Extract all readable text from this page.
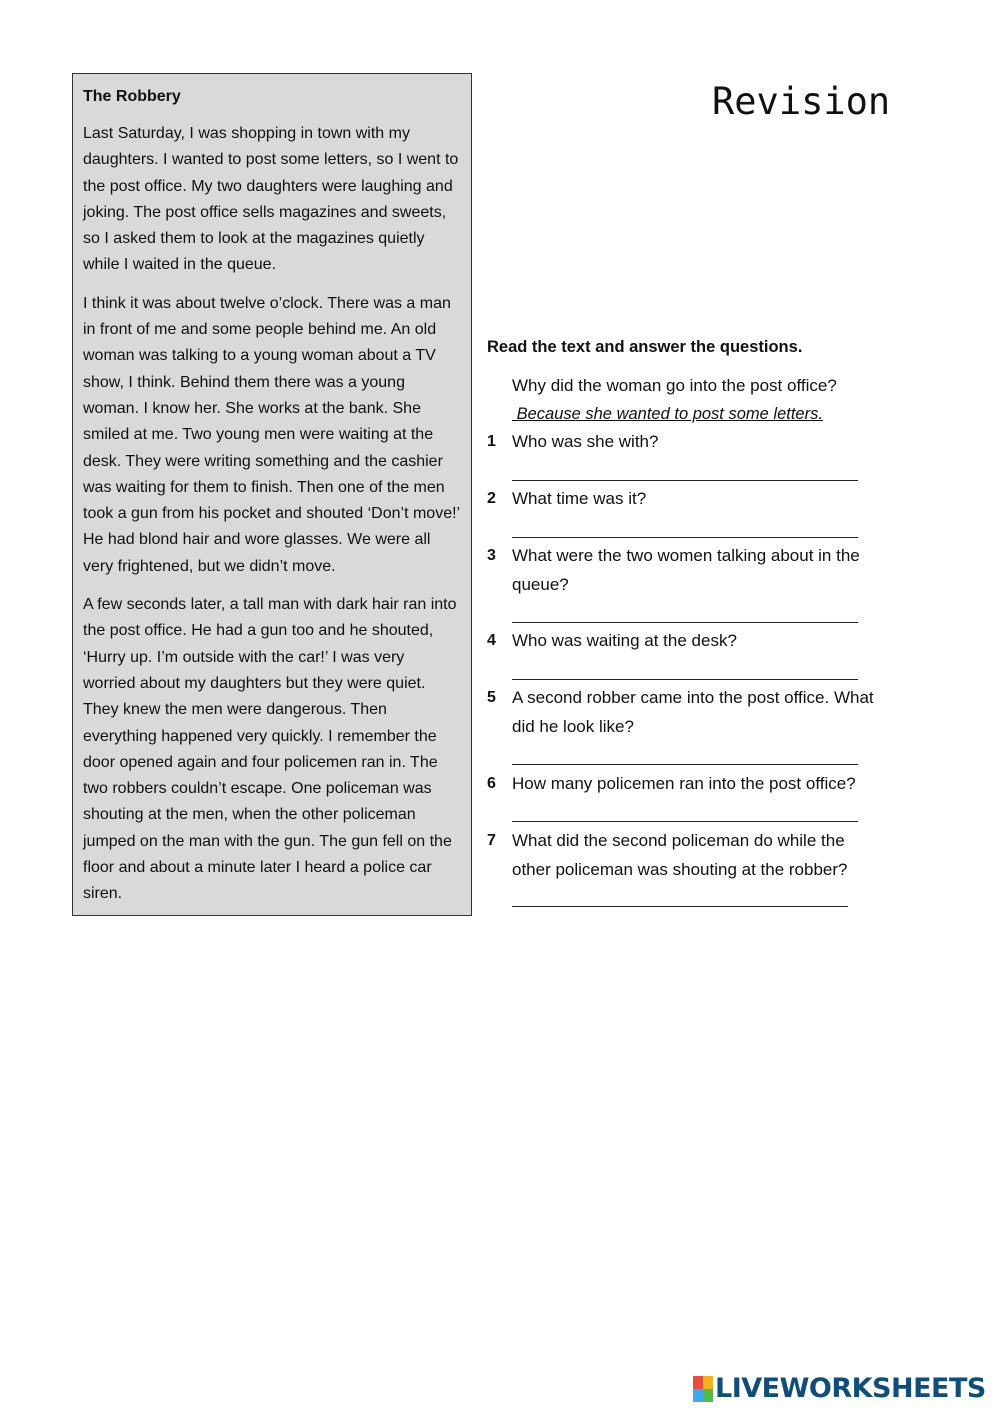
The Robbery

Last Saturday, I was shopping in town with my daughters. I wanted to post some letters, so I went to the post office. My two daughters were laughing and joking. The post office sells magazines and sweets, so I asked them to look at the magazines quietly while I waited in the queue.

I think it was about twelve o’clock. There was a man in front of me and some people behind me. An old woman was talking to a young woman about a TV show, I think. Behind them there was a young woman. I know her. She works at the bank. She smiled at me. Two young men were waiting at the desk. They were writing something and the cashier was waiting for them to finish. Then one of the men took a gun from his pocket and shouted ‘Don’t move!’ He had blond hair and wore glasses. We were all very frightened, but we didn’t move.

A few seconds later, a tall man with dark hair ran into the post office. He had a gun too and he shouted, ‘Hurry up. I’m outside with the car!’ I was very worried about my daughters but they were quiet. They knew the men were dangerous. Then everything happened very quickly. I remember the door opened again and four policemen ran in. The two robbers couldn’t escape. One policeman was shouting at the men, when the other policeman jumped on the man with the gun. The gun fell on the floor and about a minute later I heard a police car siren.

Revision
Read the text and answer the questions.
Why did the woman go into the post office?
Because she wanted to post some letters.
1 Who was she with?
2 What time was it?
3 What were the two women talking about in the queue?
4 Who was waiting at the desk?
5 A second robber came into the post office. What did he look like?
6 How many policemen ran into the post office?
7 What did the second policeman do while the other policeman was shouting at the robber?
LIVEWORKSHEETS
